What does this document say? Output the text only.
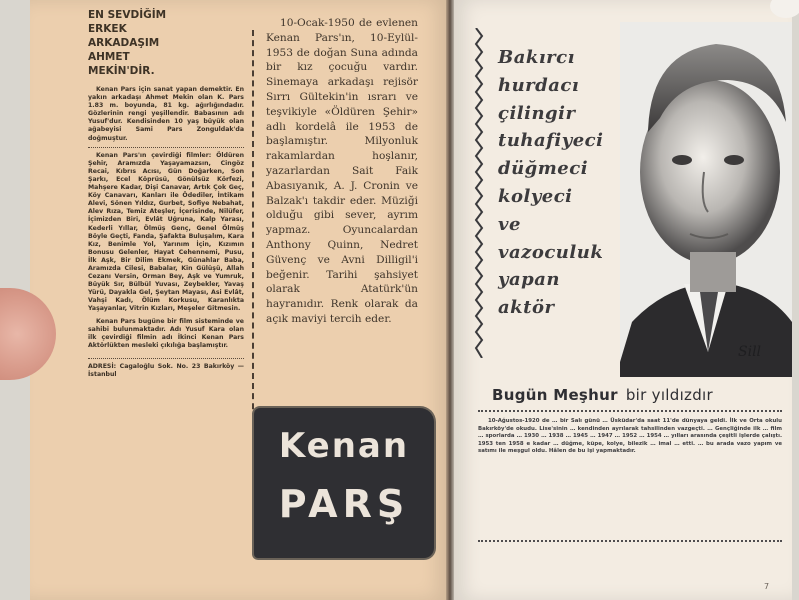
EN SEVDİĞİM
ERKEK
ARKADAŞIM
AHMET
MEKİN'DİR.

Kenan Pars için sanat yapan demektir. En yakın arkadaşı Ahmet Mekin olan K. Pars 1.83 m. boyunda, 81 kg. ağırlığındadır. Gözlerinin rengi yeşillendir. Babasının adı Yusuf'dur. Kendisinden 10 yaş büyük olan ağabeyisi Sami Pars Zonguldak'da doğmuştur.

Kenan Pars'ın çevirdiği filmler: Öldüren Şehir, Aramızda Yaşayamazsın, Cingöz Recai, Kıbrıs Acısı, Gün Doğarken, Son Şarkı, Ecel Köprüsü, Gönülsüz Körfezi, Mahşere Kadar, Dişi Canavar, Artık Çok Geç, Köy Canavarı, Kanları ile Ödediler, İntikam Alevi, Sönen Yıldız, Gurbet, Sofiye Nebahat, Alev Rıza, Temiz Ateşler, İçerisinde, Nilüfer, İçimizden Biri, Evlât Uğruna, Kalp Yarası, Kederli Yıllar, Ölmüş Genç, Genel Ölmüş Böyle Geçti, Fanda, Şafakta Buluşalım, Kara Kız, Benimle Yol, Yarınım İçin, Kızımın Bonusu Gelenler, Hayat Cehennemi, Pusu, İlk Aşk, Bir Dilim Ekmek, Günahlar Baba, Aramızda Cilesi, Babalar, Kin Gülüşü, Allah Cezanı Versin, Orman Bey, Aşk ve Yumruk, Büyük Sır, Bülbül Yuvası, Zeybekler, Yavaş Yürü, Dayakla Gel, Şeytan Mayası, Asi Evlât, Vahşi Kadı, Ölüm Korkusu, Karanlıkta Yaşayanlar, Vitrin Kızları, Meşeler Gitmesin.

Kenan Pars bugüne bir film sisteminde ve sahibi bulunmaktadır. Adı Yusuf Kara olan ilk çevirdiği filmin adı İkinci Kenan Pars Aktörlükten mesleki çıkılığa başlamıştır.

ADRESİ: Cagaloğlu Sok. No. 23 Bakırköy — İstanbul

10-Ocak-1950 de evlenen Kenan Pars'ın, 10-Eylül-1953 de doğan Suna adında bir kız çocuğu vardır. Sinemaya arkadaşı rejisör Sırrı Gültekin'in ısrarı ve teşvikiyle «Öldüren Şehir» adlı kordelâ ile 1953 de başlamıştır. Milyonluk rakamlardan hoşlanır, yazarlardan Sait Faik Abasıyanık, A. J. Cronin ve Balzak'ı takdir eder. Müziği olduğu gibi sever, ayrım yapmaz. Oyuncalardan Anthony Quinn, Nedret Güvenç ve Avni Dilligil'i beğenir. Tarihi şahsiyet olarak Atatürk'ün hayranıdır. Renk olarak da açık maviyi tercih eder.

Kenan
PARŞ
Bakırcı
hurdacı
çilingir
tuhafiyeci
düğmeci
kolyeci
ve
vazoculuk
yapan
aktör
Sill
Bugün Meşhur bir yıldızdır

10-Ağustos-1920 de … bir Salı günü … Üsküdar'da saat 11'de dünyaya geldi. İlk ve Orta okulu Bakırköy'de okudu. Lise'sinin … kendinden ayrılarak tahsilinden vazgeçti. … Gençliğinde ilk … film … sporlarda … 1930 … 1938 … 1945 … 1947 … 1952 … 1954 … yılları arasında çeşitli işlerde çalıştı. 1953 ten 1958 e kadar … düğme, küpe, kolye, bilezik … imal … etti. … bu arada vazo yapım ve satımı ile meşgul oldu. Hâlen de bu işi yapmaktadır.

7
